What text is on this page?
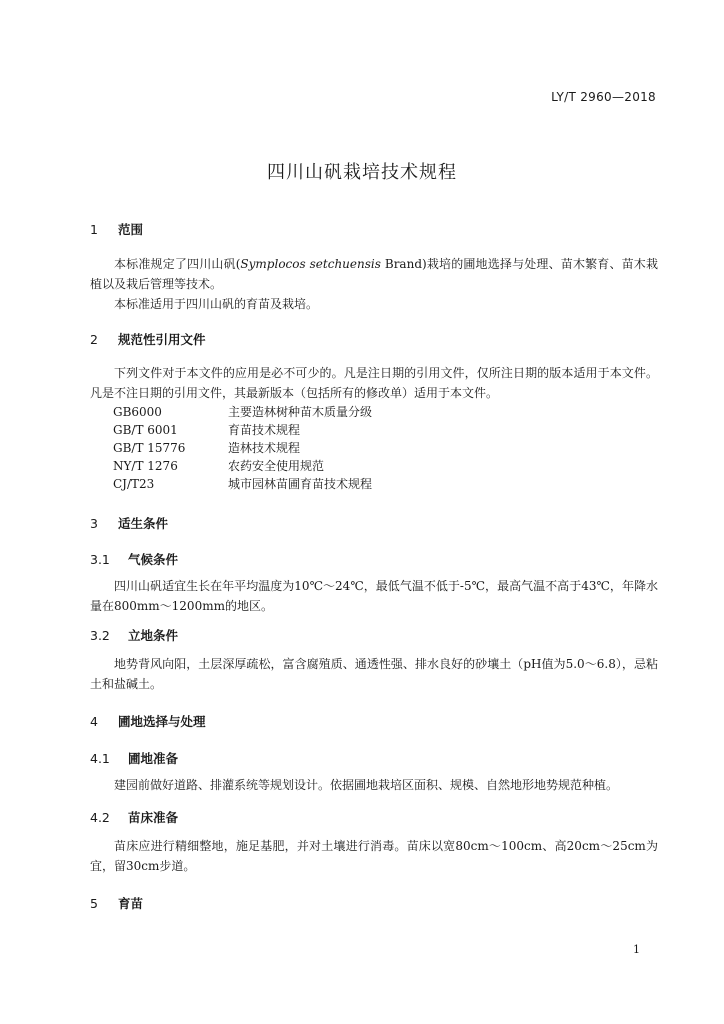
LY/T 2960—2018
四川山矾栽培技术规程
1 范围

本标准规定了四川山矾(Symplocos setchuensis Brand)栽培的圃地选择与处理、苗木繁育、苗木栽植以及栽后管理等技术。

本标准适用于四川山矾的育苗及栽培。

2 规范性引用文件

下列文件对于本文件的应用是必不可少的。凡是注日期的引用文件，仅所注日期的版本适用于本文件。凡是不注日期的引用文件，其最新版本（包括所有的修改单）适用于本文件。

GB6000	主要造林树种苗木质量分级
GB/T 6001	育苗技术规程
GB/T 15776	造林技术规程
NY/T 1276	农药安全使用规范
CJ/T23	城市园林苗圃育苗技术规程
3 适生条件
3.1 气候条件

四川山矾适宜生长在年平均温度为10℃～24℃，最低气温不低于-5℃，最高气温不高于43℃，年降水量在800mm～1200mm的地区。

3.2 立地条件

地势背风向阳，土层深厚疏松，富含腐殖质、通透性强、排水良好的砂壤土（pH值为5.0～6.8），忌粘土和盐碱土。

4 圃地选择与处理
4.1 圃地准备

建园前做好道路、排灌系统等规划设计。依据圃地栽培区面积、规模、自然地形地势规范种植。

4.2 苗床准备

苗床应进行精细整地，施足基肥，并对土壤进行消毒。苗床以宽80cm～100cm、高20cm～25cm为宜，留30cm步道。

5 育苗
1
